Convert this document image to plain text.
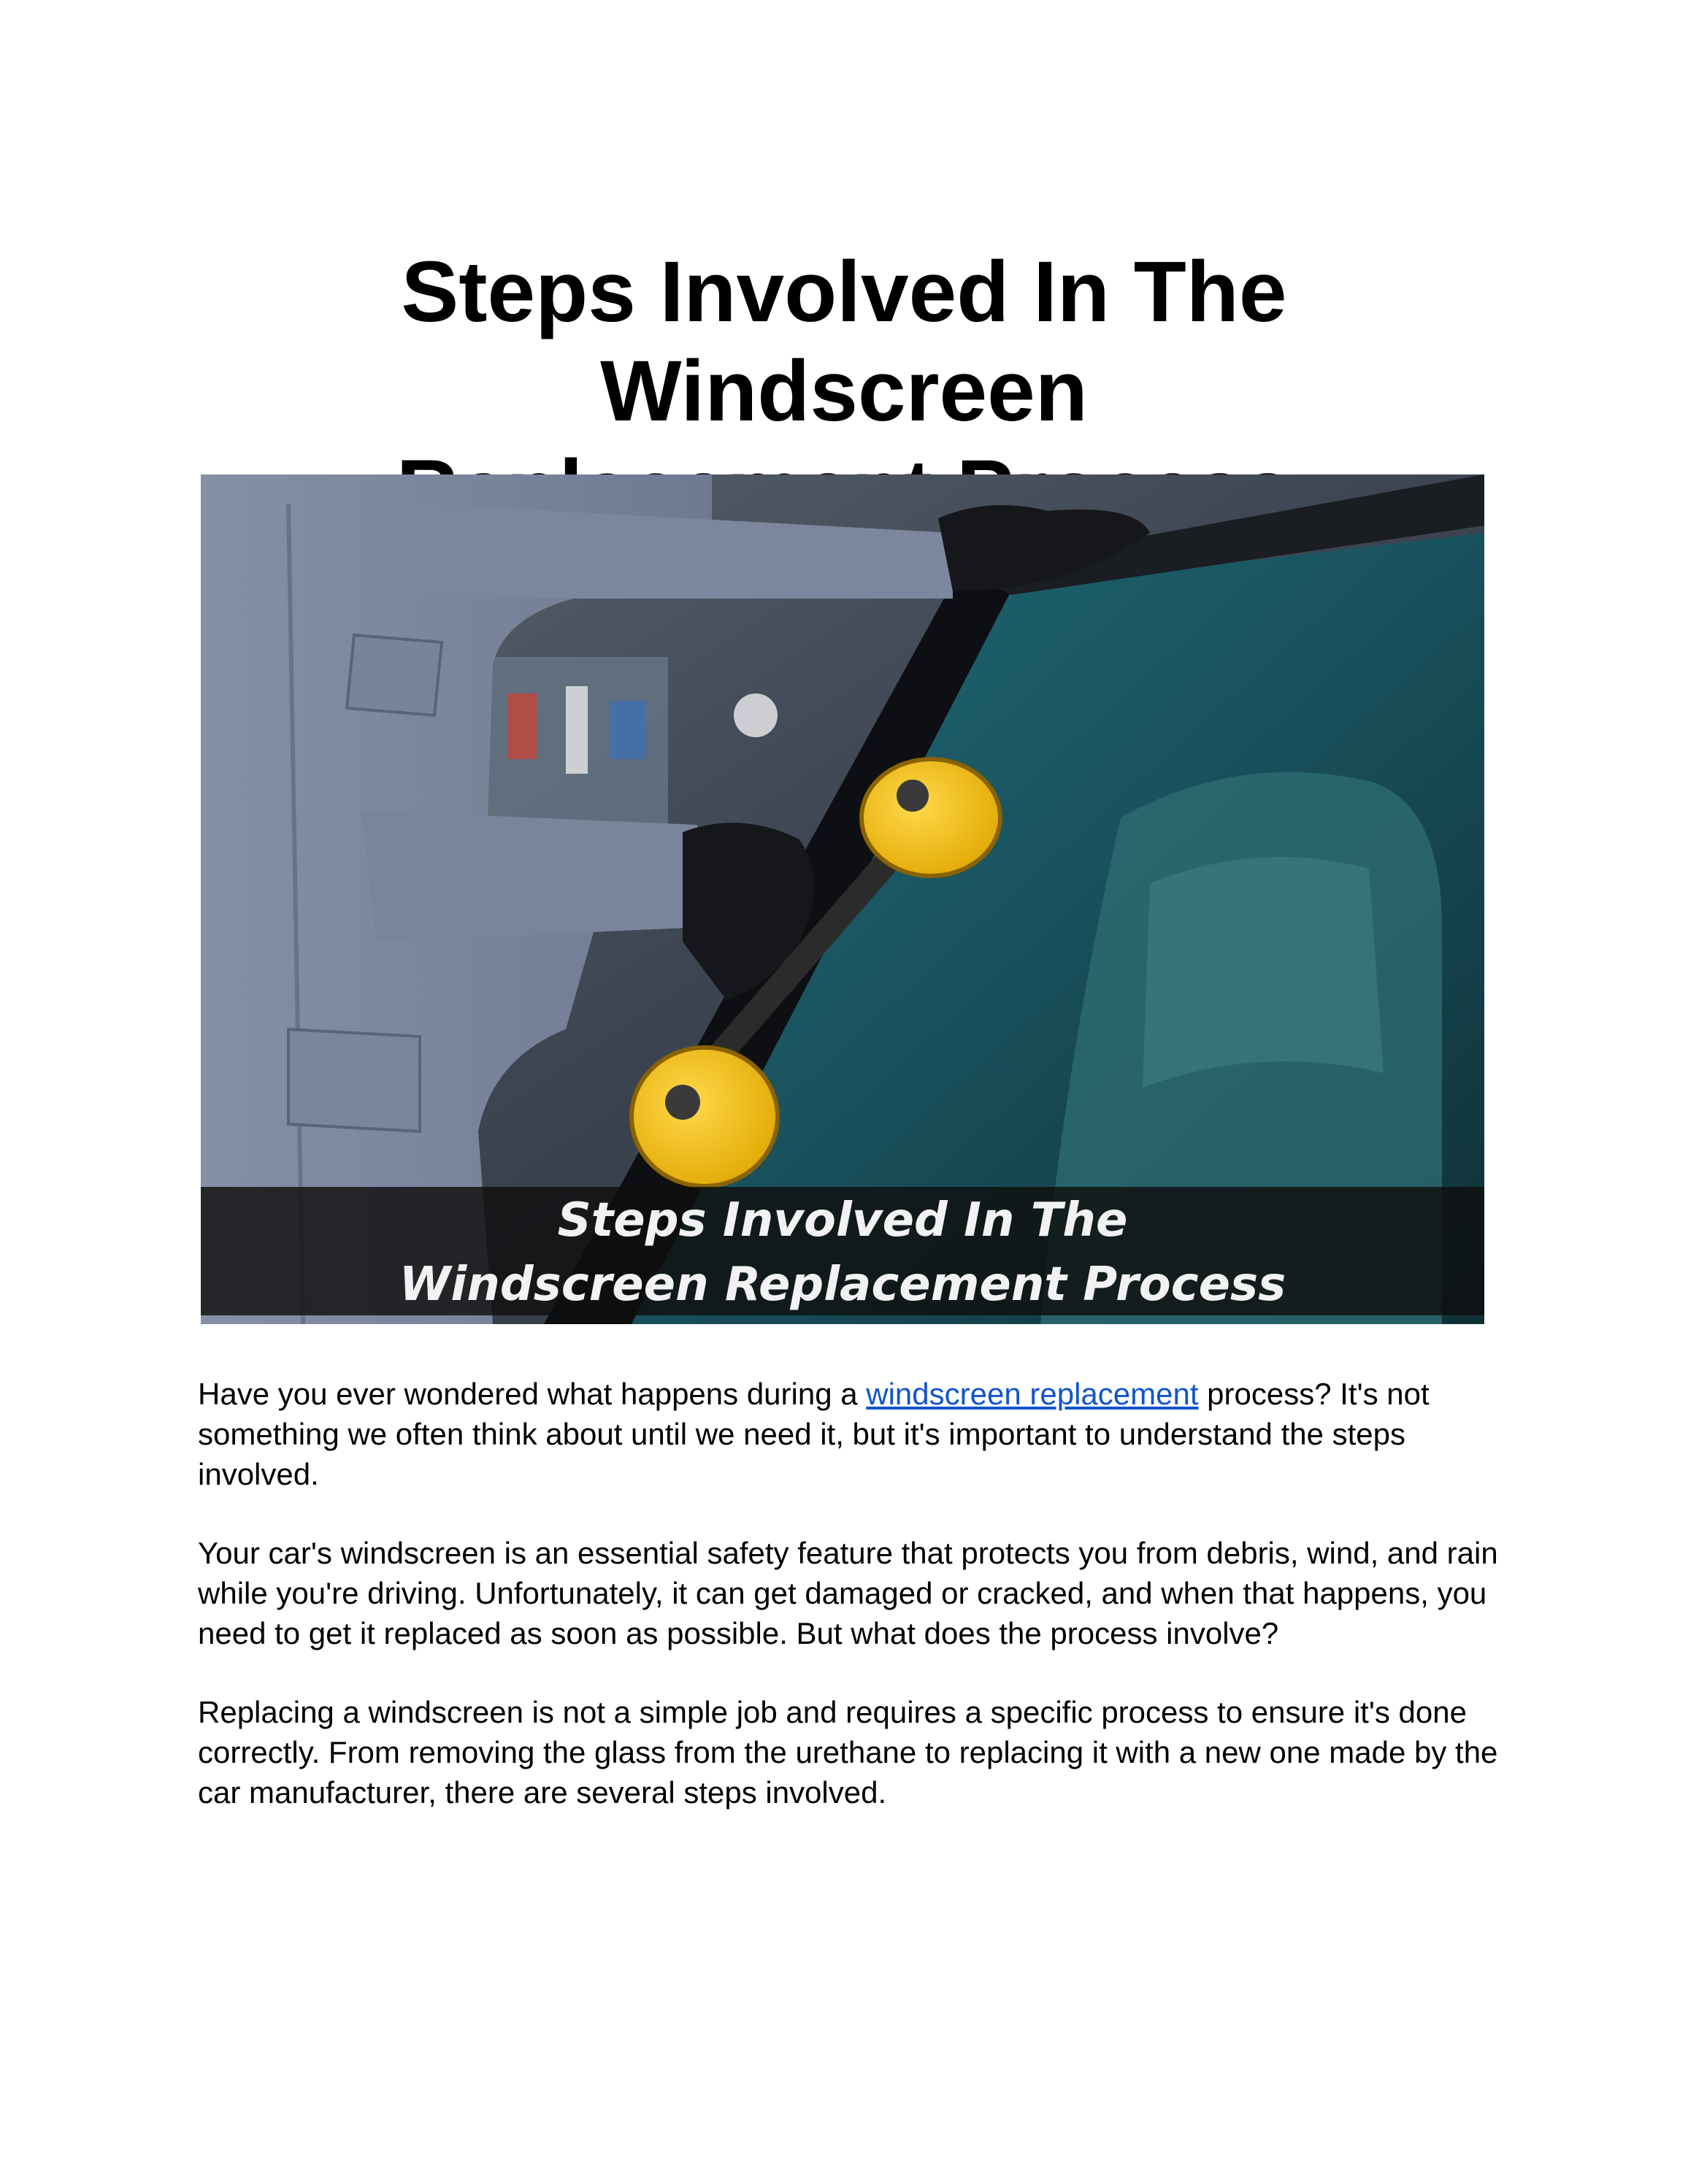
Steps Involved In The Windscreen
Steps Involved In The
Windscreen Replacement Process

Have you ever wondered what happens during a windscreen replacement process? It's not something we often think about until we need it, but it's important to understand the steps involved.

Your car's windscreen is an essential safety feature that protects you from debris, wind, and rain while you're driving. Unfortunately, it can get damaged or cracked, and when that happens, you need to get it replaced as soon as possible. But what does the process involve?

Replacing a windscreen is not a simple job and requires a specific process to ensure it's done correctly. From removing the glass from the urethane to replacing it with a new one made by the car manufacturer, there are several steps involved.
